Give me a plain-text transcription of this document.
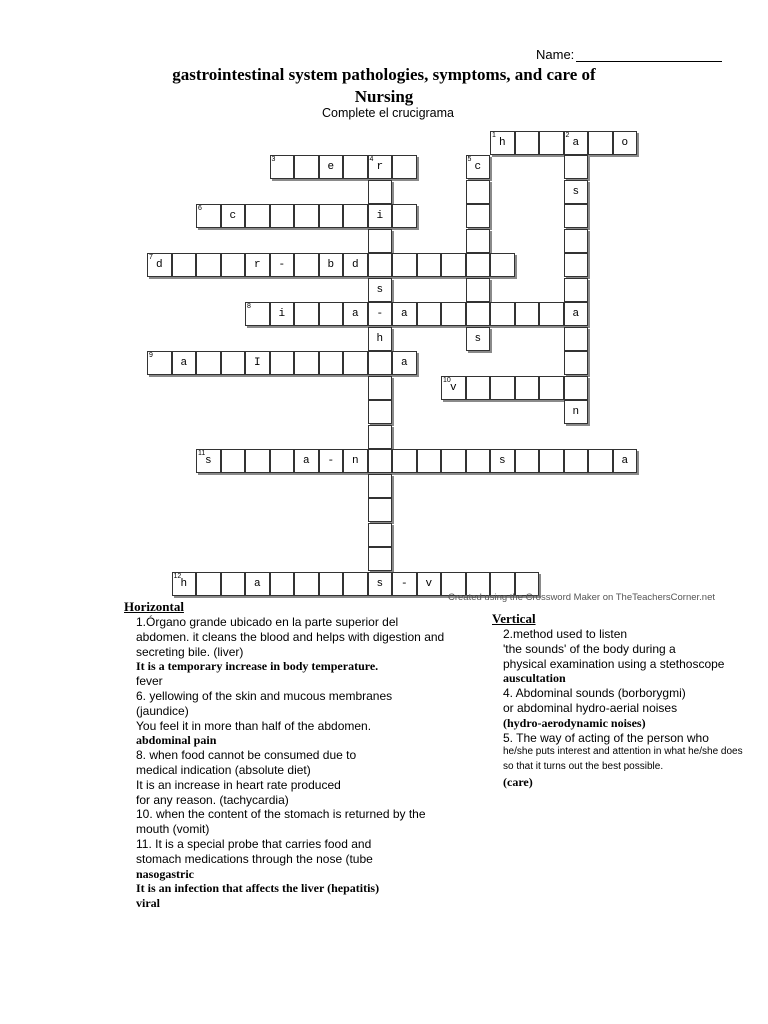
Name:
gastrointestinal system pathologies, symptoms, and care of
Nursing
Complete el crucigrama
h
1
a
2
o
3
e	r
4
c
5
s
6
c	i
d
7
r -	b d
s
8
i	a - a	a
h	s
9
a	I	a
v
10
n
s
11
a - n	s	a
h
12
a	s - v
Created using the Crossword Maker on TheTeachersCorner.net
Horizontal
1.Órgano grande ubicado en la parte superior del
abdomen. it cleans the blood and helps with digestion and
secreting bile. (liver)
It is a temporary increase in body temperature.
fever
6. yellowing of the skin and mucous membranes
(jaundice)
You feel it in more than half of the abdomen.
abdominal pain
8. when food cannot be consumed due to
medical indication (absolute diet)
It is an increase in heart rate produced
for any reason. (tachycardia)
10. when the content of the stomach is returned by the
mouth (vomit)
11. It is a special probe that carries food and
stomach medications through the nose (tube
nasogastric
It is an infection that affects the liver (hepatitis)
viral
Vertical
2.method used to listen
'the sounds' of the body during a
physical examination using a stethoscope
auscultation
4. Abdominal sounds (borborygmi)
or abdominal hydro-aerial noises
(hydro-aerodynamic noises)
5. The way of acting of the person who
he/she puts interest and attention in what he/she does
so that it turns out the best possible.
(care)
